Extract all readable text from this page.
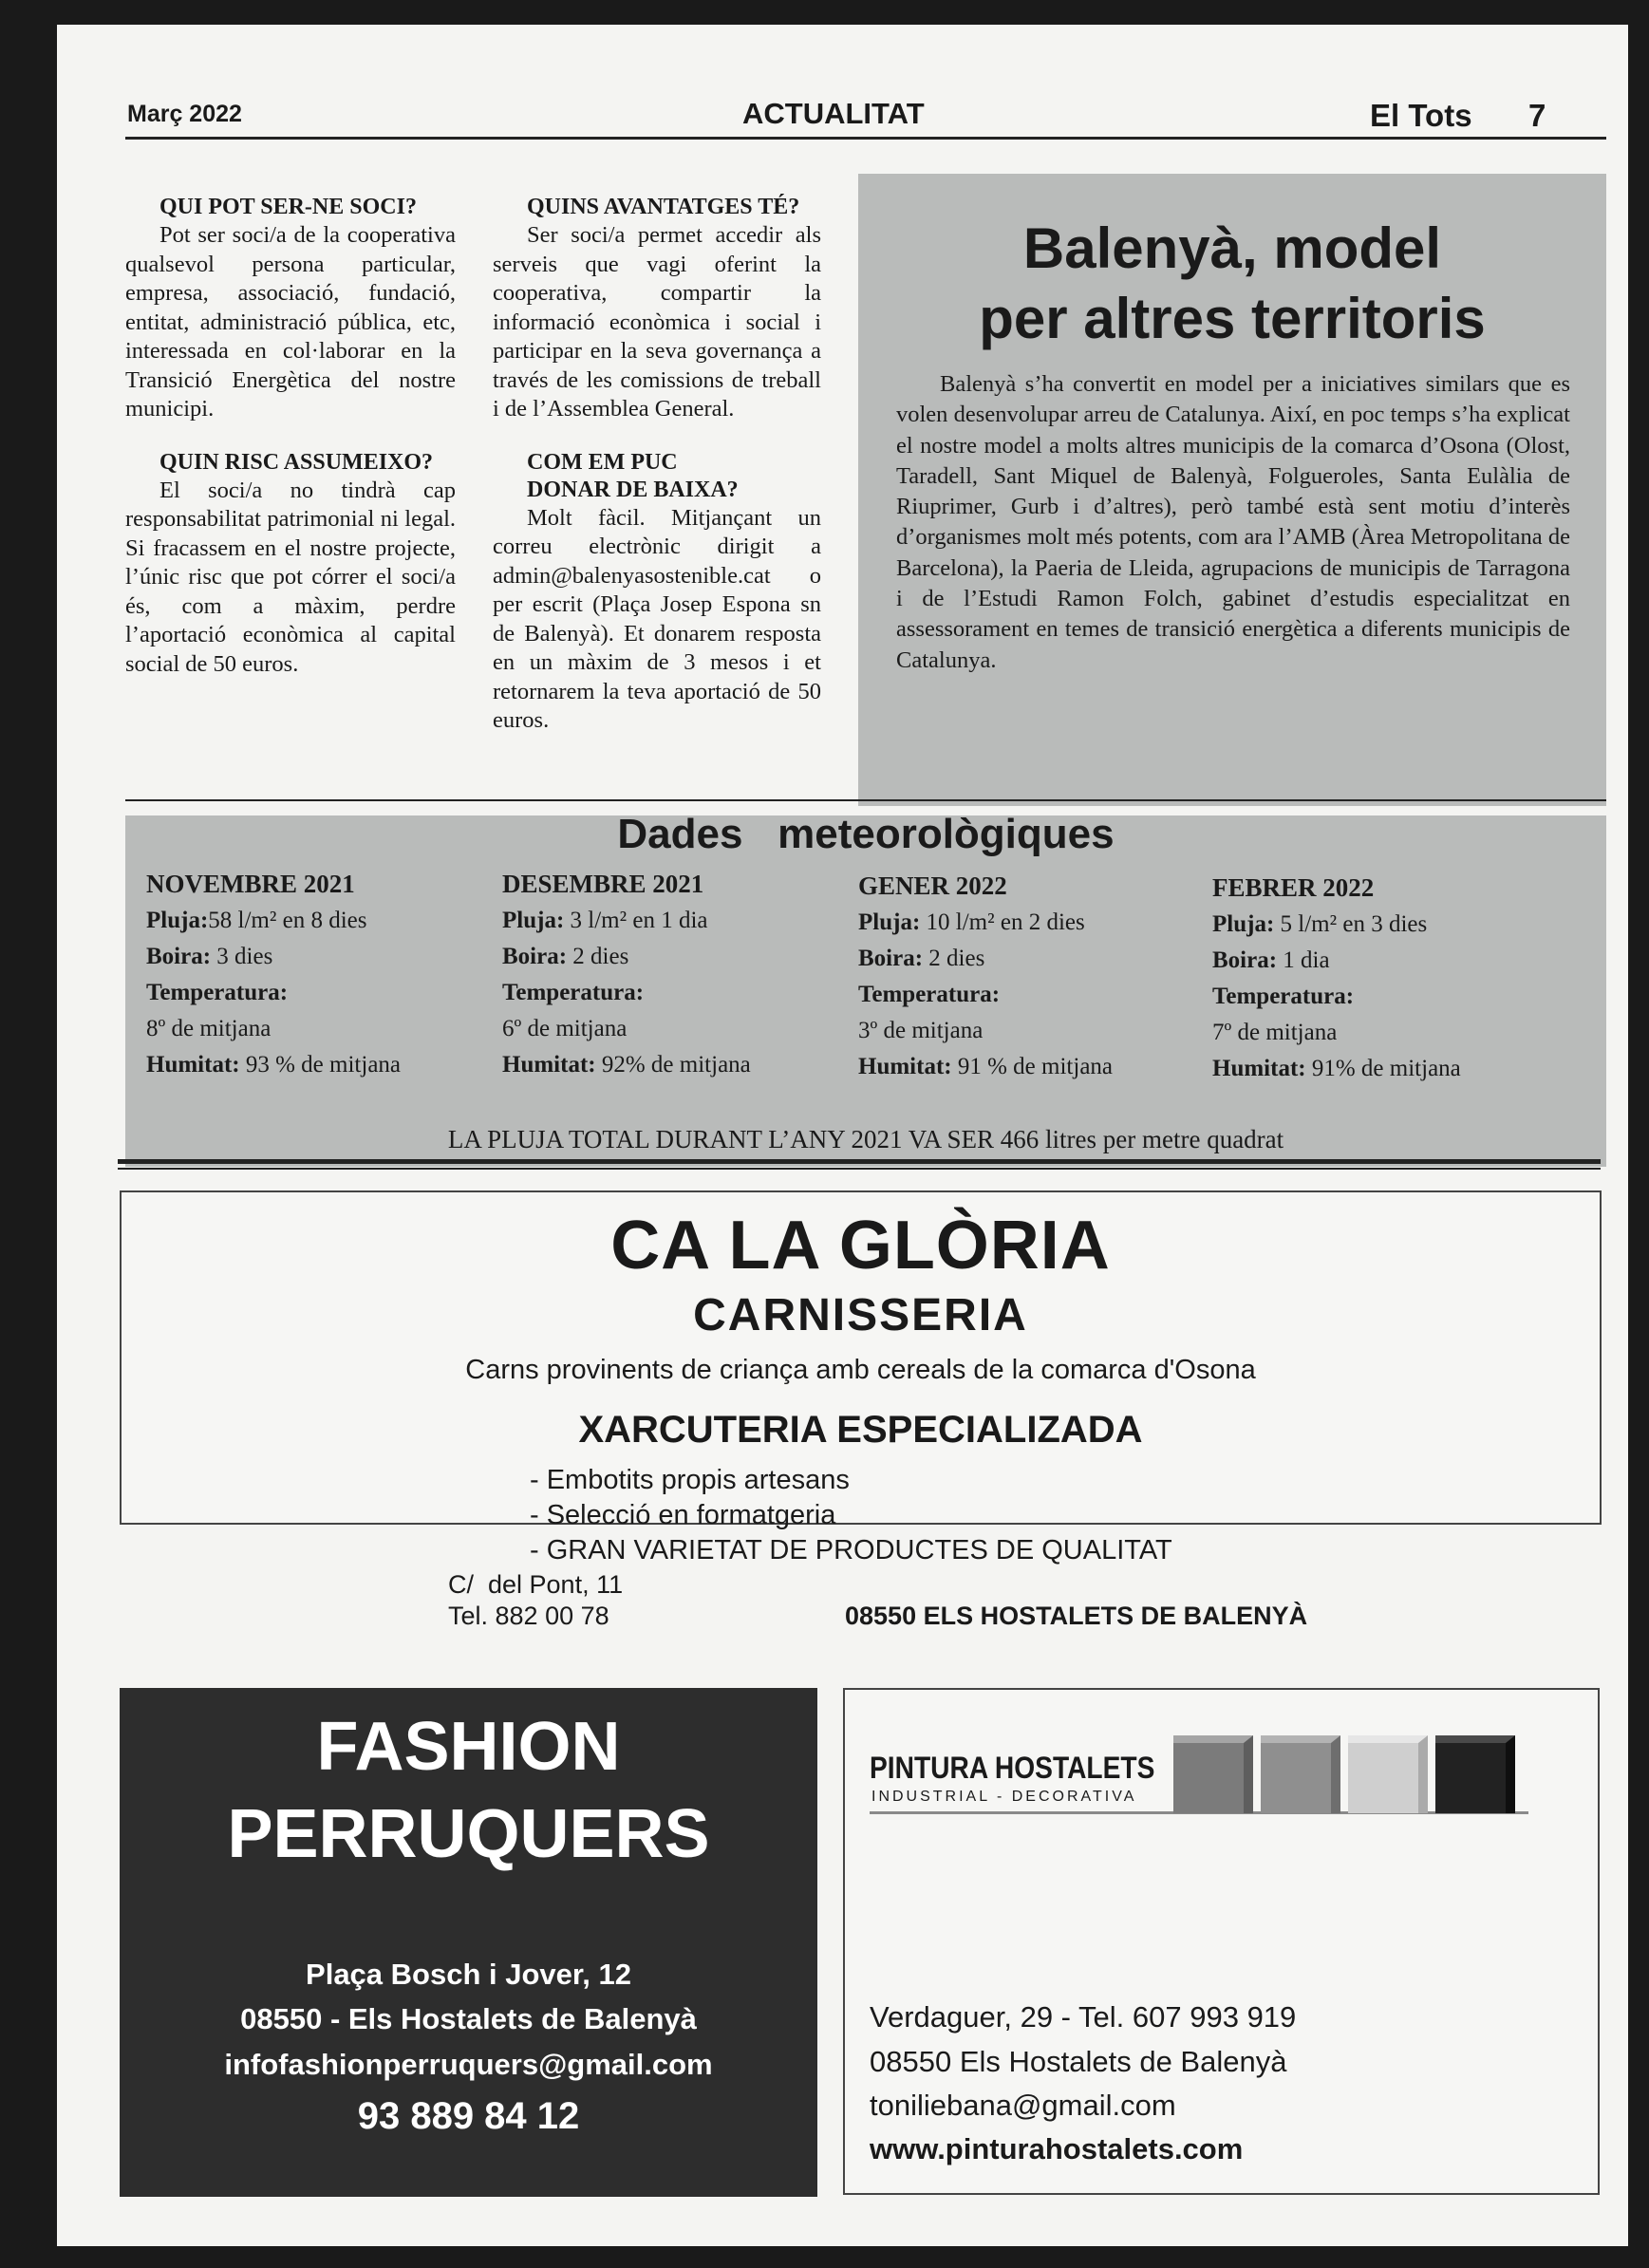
Març 2022	ACTUALITAT	El Tots 7
QUI POT SER-NE SOCI?

Pot ser soci/a de la cooperativa qualsevol persona particular, empresa, associació, fundació, entitat, administració pública, etc, interessada en col·laborar en la Transició Energètica del nostre municipi.

QUIN RISC ASSUMEIXO?

El soci/a no tindrà cap responsabilitat patrimonial ni legal. Si fracassem en el nostre projecte, l’únic risc que pot córrer el soci/a és, com a màxim, perdre l’aportació econòmica al capital social de 50 euros.

QUINS AVANTATGES TÉ?

Ser soci/a permet accedir als serveis que vagi oferint la cooperativa, compartir la informació econòmica i social i participar en la seva governança a través de les comissions de treball i de l’Assemblea General.

COM EM PUC
DONAR DE BAIXA?

Molt fàcil. Mitjançant un correu electrònic dirigit a admin@balenyasostenible.cat o per escrit (Plaça Josep Espona sn de Balenyà). Et donarem resposta en un màxim de 3 mesos i et retornarem la teva aportació de 50 euros.

Balenyà, model
per altres territoris

Balenyà s’ha convertit en model per a iniciatives similars que es volen desenvolupar arreu de Catalunya. Així, en poc temps s’ha explicat el nostre model a molts altres municipis de la comarca d’Osona (Olost, Taradell, Sant Miquel de Balenyà, Folgueroles, Santa Eulàlia de Riuprimer, Gurb i d’altres), però també està sent motiu d’interès d’organismes molt més potents, com ara l’AMB (Àrea Metropolitana de Barcelona), la Paeria de Lleida, agrupacions de municipis de Tarragona i de l’Estudi Ramon Folch, gabinet d’estudis especialitzat en assessorament en temes de transició energètica a diferents municipis de Catalunya.

Dades   meteorològiques
NOVEMBRE 2021
Pluja:58 l/m² en 8 dies
Boira: 3 dies
Temperatura:
8º de mitjana
Humitat: 93 % de mitjana
DESEMBRE 2021
Pluja: 3 l/m² en 1 dia
Boira: 2 dies
Temperatura:
6º de mitjana
Humitat: 92% de mitjana
GENER 2022
Pluja: 10 l/m² en 2 dies
Boira: 2 dies
Temperatura:
3º de mitjana
Humitat: 91 % de mitjana
FEBRER 2022
Pluja: 5 l/m² en 3 dies
Boira: 1 dia
Temperatura:
7º de mitjana
Humitat: 91% de mitjana
LA PLUJA TOTAL DURANT L’ANY 2021 VA SER 466 litres per metre quadrat
CA LA GLÒRIA
CARNISSERIA
Carns provinents de criança amb cereals de la comarca d'Osona
XARCUTERIA ESPECIALIZADA
- Embotits propis artesans
- Selecció en formatgeria
- GRAN VARIETAT DE PRODUCTES DE QUALITAT
C/  del Pont, 11
Tel. 882 00 78	08550 ELS HOSTALETS DE BALENYÀ
FASHION
PERRUQUERS
Plaça Bosch i Jover, 12
08550 - Els Hostalets de Balenyà
infofashionperruquers@gmail.com
93 889 84 12
PINTURA HOSTALETS
INDUSTRIAL - DECORATIVA
Verdaguer, 29 - Tel. 607 993 919
08550 Els Hostalets de Balenyà
toniliebana@gmail.com
www.pinturahostalets.com
